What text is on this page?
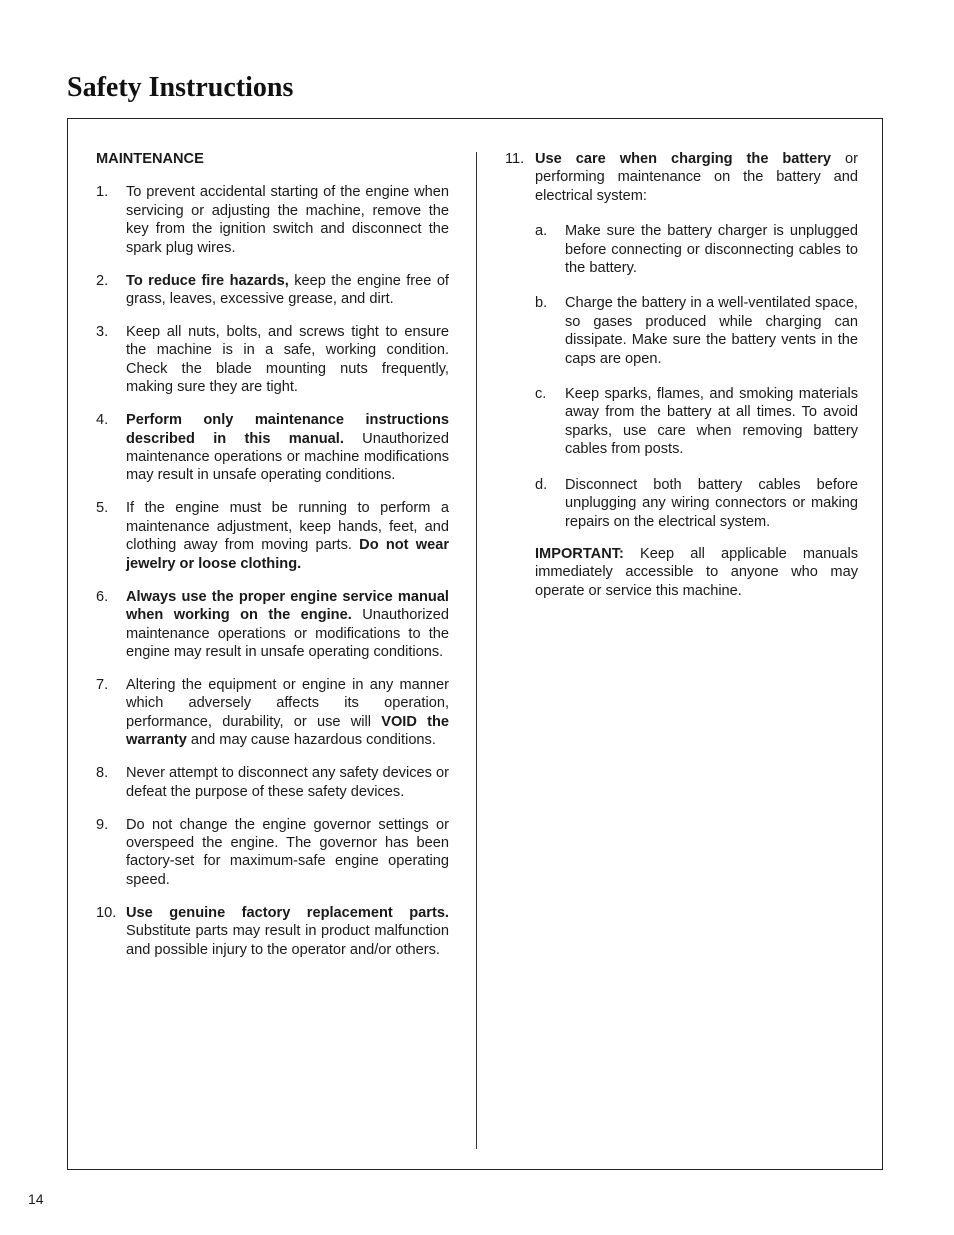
Safety Instructions
MAINTENANCE
1. To prevent accidental starting of the engine when servicing or adjusting the machine, remove the key from the ignition switch and disconnect the spark plug wires.
2. To reduce fire hazards, keep the engine free of grass, leaves, excessive grease, and dirt.
3. Keep all nuts, bolts, and screws tight to ensure the machine is in a safe, working condition. Check the blade mounting nuts frequently, making sure they are tight.
4. Perform only maintenance instructions described in this manual. Unauthorized maintenance operations or machine modifications may result in unsafe operating conditions.
5. If the engine must be running to perform a maintenance adjustment, keep hands, feet, and clothing away from moving parts. Do not wear jewelry or loose clothing.
6. Always use the proper engine service manual when working on the engine. Unauthorized maintenance operations or modifications to the engine may result in unsafe operating conditions.
7. Altering the equipment or engine in any manner which adversely affects its operation, performance, durability, or use will VOID the warranty and may cause hazardous conditions.
8. Never attempt to disconnect any safety devices or defeat the purpose of these safety devices.
9. Do not change the engine governor settings or overspeed the engine. The governor has been factory-set for maximum-safe engine operating speed.
10. Use genuine factory replacement parts. Substitute parts may result in product malfunction and possible injury to the operator and/or others.
11. Use care when charging the battery or performing maintenance on the battery and electrical system:
a. Make sure the battery charger is unplugged before connecting or disconnecting cables to the battery.
b. Charge the battery in a well-ventilated space, so gases produced while charging can dissipate. Make sure the battery vents in the caps are open.
c. Keep sparks, flames, and smoking materials away from the battery at all times. To avoid sparks, use care when removing battery cables from posts.
d. Disconnect both battery cables before unplugging any wiring connectors or making repairs on the electrical system.
IMPORTANT: Keep all applicable manuals immediately accessible to anyone who may operate or service this machine.
14
